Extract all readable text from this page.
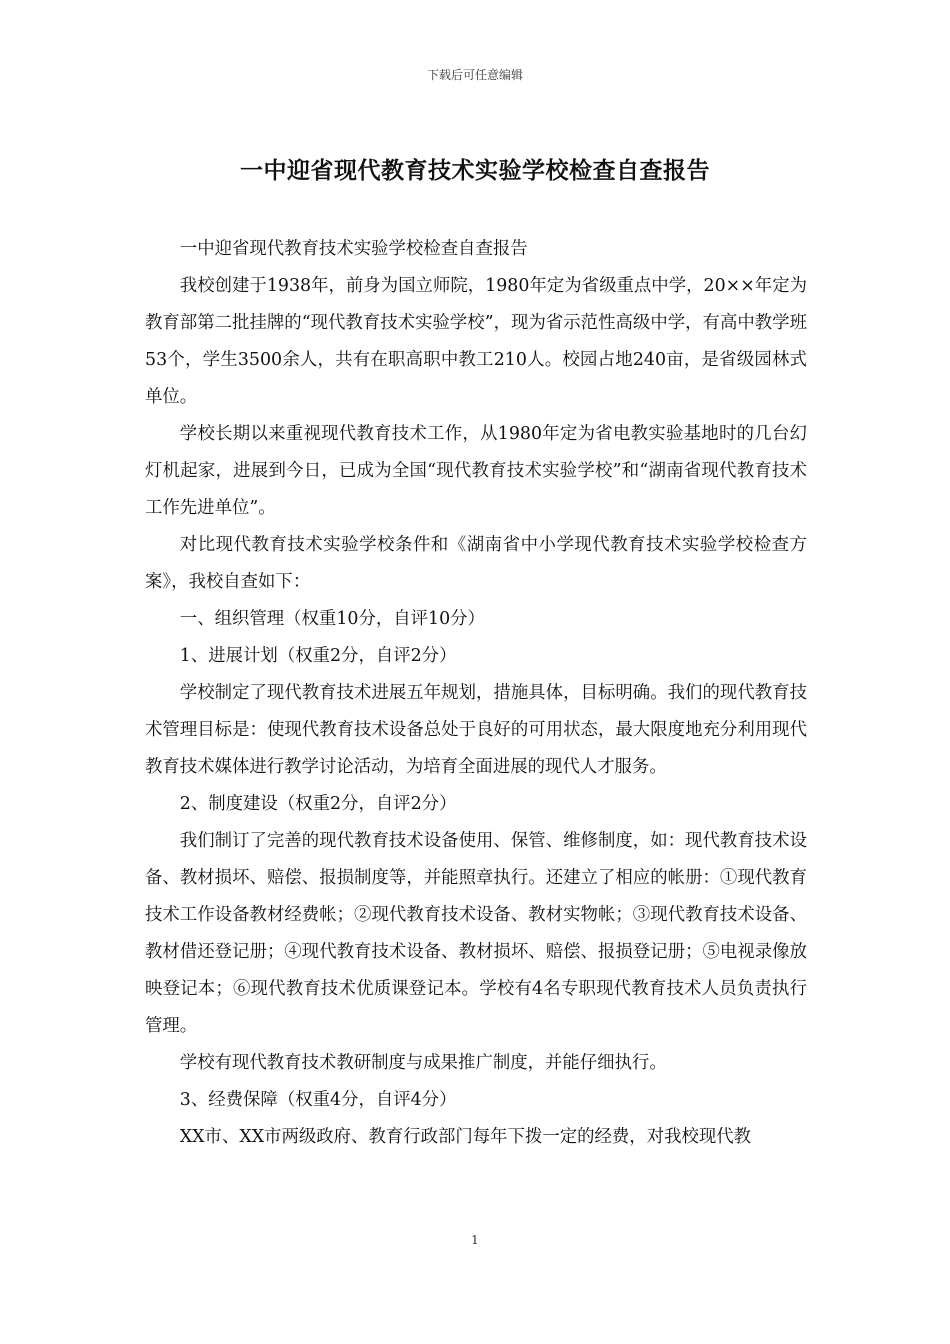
下载后可任意编辑
一中迎省现代教育技术实验学校检查自查报告

一中迎省现代教育技术实验学校检查自查报告

我校创建于1938年，前身为国立师院，1980年定为省级重点中学，20××年定为教育部第二批挂牌的“现代教育技术实验学校”，现为省示范性高级中学，有高中教学班53个，学生3500余人，共有在职高职中教工210人。校园占地240亩，是省级园林式单位。

学校长期以来重视现代教育技术工作，从1980年定为省电教实验基地时的几台幻灯机起家，进展到今日，已成为全国“现代教育技术实验学校”和“湖南省现代教育技术工作先进单位”。

对比现代教育技术实验学校条件和《湖南省中小学现代教育技术实验学校检查方案》，我校自查如下：

一、组织管理（权重10分，自评10分）

1、进展计划（权重2分，自评2分）

学校制定了现代教育技术进展五年规划，措施具体，目标明确。我们的现代教育技术管理目标是：使现代教育技术设备总处于良好的可用状态，最大限度地充分利用现代教育技术媒体进行教学讨论活动，为培育全面进展的现代人才服务。

2、制度建设（权重2分，自评2分）

我们制订了完善的现代教育技术设备使用、保管、维修制度，如：现代教育技术设备、教材损坏、赔偿、报损制度等，并能照章执行。还建立了相应的帐册：①现代教育技术工作设备教材经费帐；②现代教育技术设备、教材实物帐；③现代教育技术设备、教材借还登记册；④现代教育技术设备、教材损坏、赔偿、报损登记册；⑤电视录像放映登记本；⑥现代教育技术优质课登记本。学校有4名专职现代教育技术人员负责执行管理。

学校有现代教育技术教研制度与成果推广制度，并能仔细执行。

3、经费保障（权重4分，自评4分）

XX市、XX市两级政府、教育行政部门每年下拨一定的经费，对我校现代教

1
